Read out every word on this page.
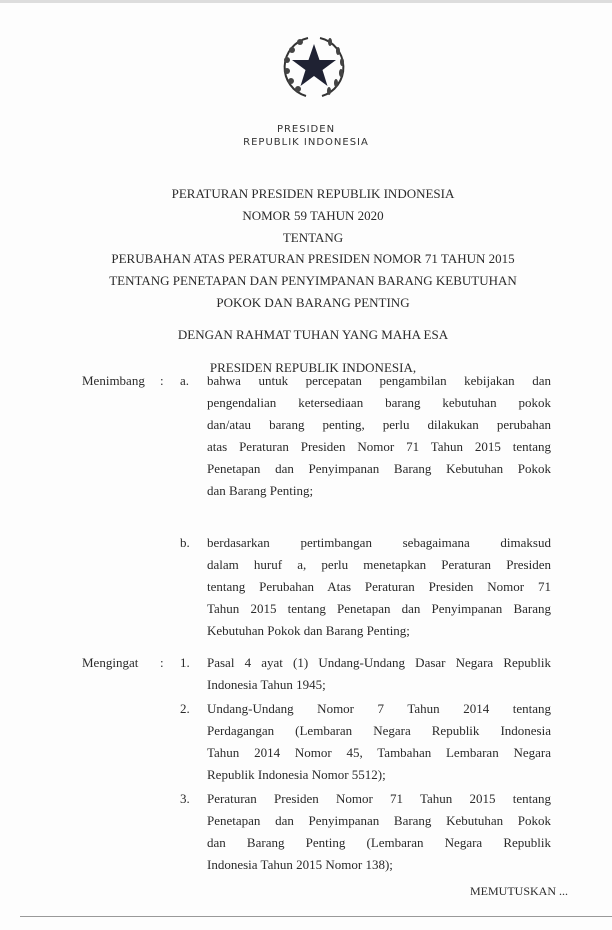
PRESIDEN
REPUBLIK INDONESIA
PERATURAN PRESIDEN REPUBLIK INDONESIA
NOMOR 59 TAHUN 2020
TENTANG
PERUBAHAN ATAS PERATURAN PRESIDEN NOMOR 71 TAHUN 2015
TENTANG PENETAPAN DAN PENYIMPANAN BARANG KEBUTUHAN
POKOK DAN BARANG PENTING
DENGAN RAHMAT TUHAN YANG MAHA ESA
PRESIDEN REPUBLIK INDONESIA,
Menimbang : a. bahwa untuk percepatan pengambilan kebijakan dan
pengendalian ketersediaan barang kebutuhan pokok
dan/atau barang penting, perlu dilakukan perubahan
atas Peraturan Presiden Nomor 71 Tahun 2015 tentang
Penetapan dan Penyimpanan Barang Kebutuhan Pokok
dan Barang Penting;
b. berdasarkan pertimbangan sebagaimana dimaksud
dalam huruf a, perlu menetapkan Peraturan Presiden
tentang Perubahan Atas Peraturan Presiden Nomor 71
Tahun 2015 tentang Penetapan dan Penyimpanan Barang
Kebutuhan Pokok dan Barang Penting;
Mengingat : 1. Pasal 4 ayat (1) Undang-Undang Dasar Negara Republik
Indonesia Tahun 1945;
2. Undang-Undang Nomor 7 Tahun 2014 tentang
Perdagangan (Lembaran Negara Republik Indonesia
Tahun 2014 Nomor 45, Tambahan Lembaran Negara
Republik Indonesia Nomor 5512);
3. Peraturan Presiden Nomor 71 Tahun 2015 tentang
Penetapan dan Penyimpanan Barang Kebutuhan Pokok
dan Barang Penting (Lembaran Negara Republik
Indonesia Tahun 2015 Nomor 138);
MEMUTUSKAN ...
